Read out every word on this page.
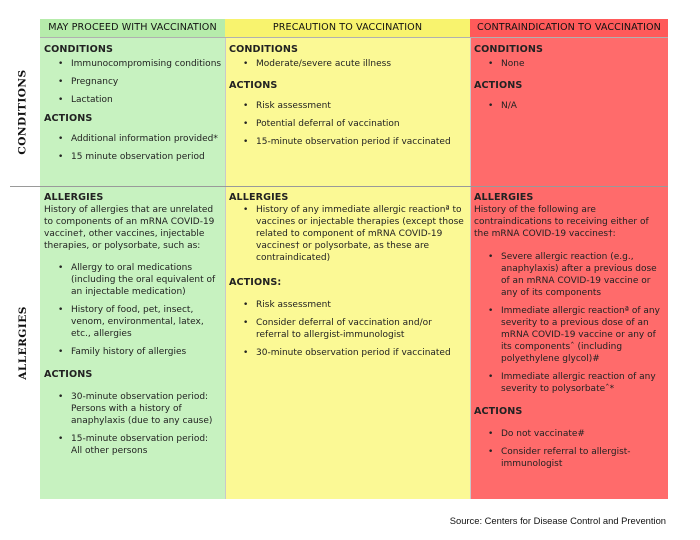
MAY PROCEED WITH VACCINATION	PRECAUTION TO VACCINATION	CONTRAINDICATION TO VACCINATION
CONDITIONS
ALLERGIES

CONDITIONS

• Immunocompromising conditions
• Pregnancy
• Lactation

ACTIONS

• Additional information provided*
• 15 minute observation period

CONDITIONS

• Moderate/severe acute illness

ACTIONS

• Risk assessment
• Potential deferral of vaccination
• 15-minute observation period if vaccinated

CONDITIONS

• None

ACTIONS

• N/A

ALLERGIES

History of allergies that are unrelated to components of an mRNA COVID-19 vaccine†, other vaccines, injectable therapies, or polysorbate, such as:

• Allergy to oral medications (including the oral equivalent of an injectable medication)
• History of food, pet, insect, venom, environmental, latex, etc., allergies
• Family history of allergies

ACTIONS

• 30-minute observation period: Persons with a history of anaphylaxis (due to any cause)
• 15-minute observation period: All other persons

ALLERGIES

• History of any immediate allergic reactionª to vaccines or injectable therapies (except those related to component of mRNA COVID-19 vaccines† or polysorbate, as these are contraindicated)

ACTIONS:

• Risk assessment
• Consider deferral of vaccination and/or referral to allergist-immunologist
• 30-minute observation period if vaccinated

ALLERGIES

History of the following are contraindications to receiving either of the mRNA COVID-19 vaccines†:

• Severe allergic reaction (e.g., anaphylaxis) after a previous dose of an mRNA COVID-19 vaccine or any of its components
• Immediate allergic reactionª of any severity to a previous dose of an mRNA COVID-19 vaccine or any of its componentsˆ (including polyethylene glycol)#
• Immediate allergic reaction of any severity to polysorbateˆ*

ACTIONS

• Do not vaccinate#
• Consider referral to allergist-immunologist
Source: Centers for Disease Control and Prevention
